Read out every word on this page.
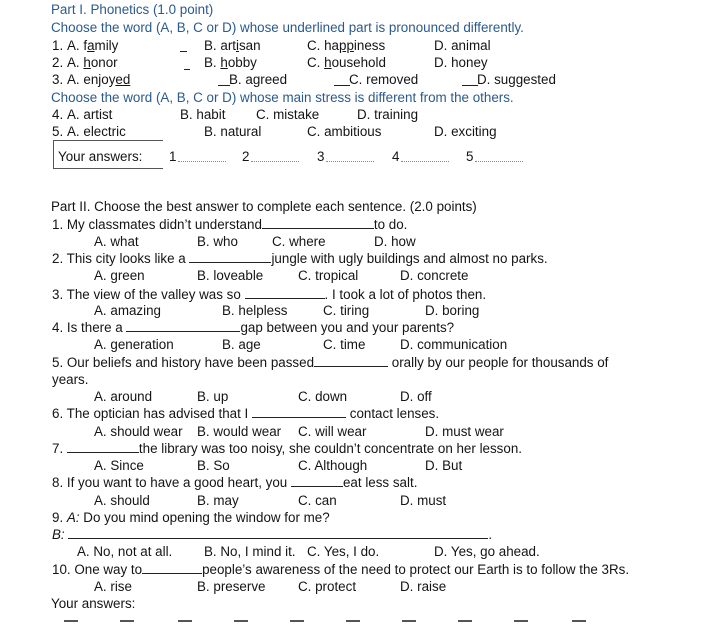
Part I. Phonetics (1.0 point)
Choose the word (A, B, C or D) whose underlined part is pronounced differently.
1. A. family	B. artisan	C. happiness	D. animal
2. A. honor	B. hobby	C. household	D. honey
3. A. enjoyed	B. agreed	C. removed	D. suggested
Choose the word (A, B, C or D) whose main stress is different from the others.
4. A. artist	B. habit C. mistake	D. training
5. A. electric	B. natural	C. ambitious	D. exciting
Your answers: 1	2	3	4	5
Part II. Choose the best answer to complete each sentence. (2.0 points)
1. My classmates didn’t understand	to do.
A. what	B. who	C. where	D. how
2. This city looks like a	jungle with ugly buildings and almost no parks.
A. green	B. loveable	C. tropical	D. concrete
3. The view of the valley was so	. I took a lot of photos then.
A. amazing	B. helpless	C. tiring	D. boring
4. Is there a	gap between you and your parents?
A. generation	B. age	C. time	D. communication
5. Our beliefs and history have been passed	orally by our people for thousands of
years.
A. around	B. up	C. down	D. off
6. The optician has advised that I	contact lenses.
A. should wear B. would wear C. will wear	D. must wear
7.	the library was too noisy, she couldn’t concentrate on her lesson.
A. Since	B. So	C. Although	D. But
8. If you want to have a good heart, you	eat less salt.
A. should	B. may	C. can	D. must
9. A: Do you mind opening the window for me?
B:	.
A. No, not at all. B. No, I mind it. C. Yes, I do.	D. Yes, go ahead.
10. One way to	people’s awareness of the need to protect our Earth is to follow the 3Rs.
A. rise	B. preserve C. protect	D. raise
Your answers:
